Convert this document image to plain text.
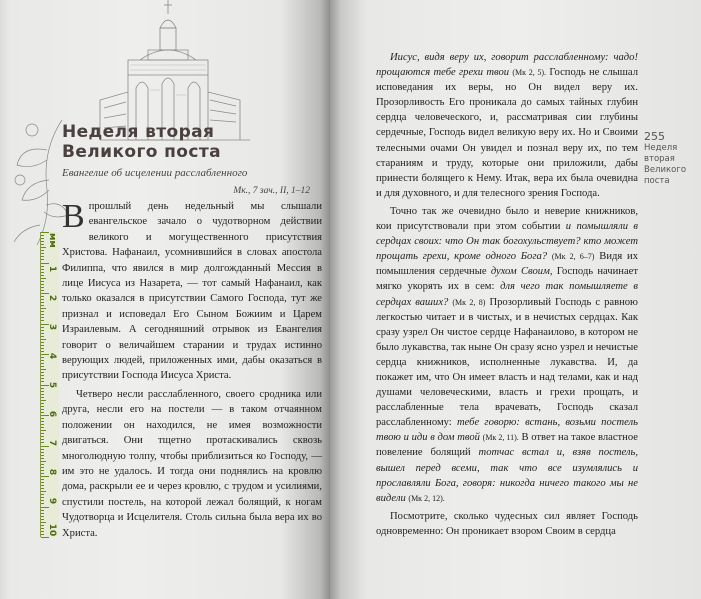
Неделя вторая Великого поста
Евангелие об исцелении расслабленного
Мк., 7 зач., II, 1–12
10
9
8
7
6
5
4
3
2
1
мм

Впрошлый день недельный мы слышали евангельское зачало о чудотворном действии великого и могущественного присутствия Христова. Нафанаил, усомнившийся в словах апостола Филиппа, что явился в мир долгожданный Мессия в лице Иисуса из Назарета, — тот самый Нафанаил, как только оказался в присутствии Самого Господа, тут же признал и исповедал Его Сыном Божиим и Царем Израилевым. А сегодняшний отрывок из Евангелия говорит о величайшем старании и трудах истинно верующих людей, приложенных ими, дабы оказаться в присутствии Господа Иисуса Христа.

Четверо несли расслабленного, своего сродника или друга, несли его на постели — в таком отчаянном положении он находился, не имея возможности двигаться. Они тщетно протаскивались сквозь многолюдную толпу, чтобы приблизиться ко Господу, — им это не удалось. И тогда они поднялись на кровлю дома, раскрыли ее и через кровлю, с трудом и усилиями, спустили постель, на которой лежал болящий, к ногам Чудотворца и Исцелителя. Столь сильна была вера их во Христа.

Иисус, видя веру их, говорит расслабленному: чадо! прощаются тебе грехи твои (Мк 2, 5). Господь не слышал исповедания их веры, но Он видел веру их. Прозорливость Его проникала до самых тайных глубин сердца человеческого, и, рассматривая сии глубины сердечные, Господь видел великую веру их. Но и Своими телесными очами Он увидел и познал веру их, по тем стараниям и труду, которые они приложили, дабы принести болящего к Нему. Итак, вера их была очевидна и для духовного, и для телесного зрения Господа.

Точно так же очевидно было и неверие книжников, кои присутствовали при этом событии и помышляли в сердцах своих: что Он так богохульствует? кто может прощать грехи, кроме одного Бога? (Мк 2, 6–7) Видя их помышления сердечные духом Своим, Господь начинает мягко укорять их в сем: для чего так помышляете в сердцах ваших? (Мк 2, 8) Прозорливый Господь с равною легкостью читает и в чистых, и в нечистых сердцах. Как сразу узрел Он чистое сердце Нафанаилово, в котором не было лукавства, так ныне Он сразу ясно узрел и нечистые сердца книжников, исполненные лукавства. И, да покажет им, что Он имеет власть и над телами, как и над душами человеческими, власть и грехи прощать, и расслабленные тела врачевать, Господь сказал расслабленному: тебе говорю: встань, возьми постель твою и иди в дом твой (Мк 2, 11). В ответ на такое властное повеление болящий тотчас встал и, взяв постель, вышел перед всеми, так что все изумлялись и прославляли Бога, говоря: никогда ничего такого мы не видели (Мк 2, 12).

Посмотрите, сколько чудесных сил являет Господь одновременно: Он проникает взором Своим в сердца

255
Неделя вторая Великого поста
